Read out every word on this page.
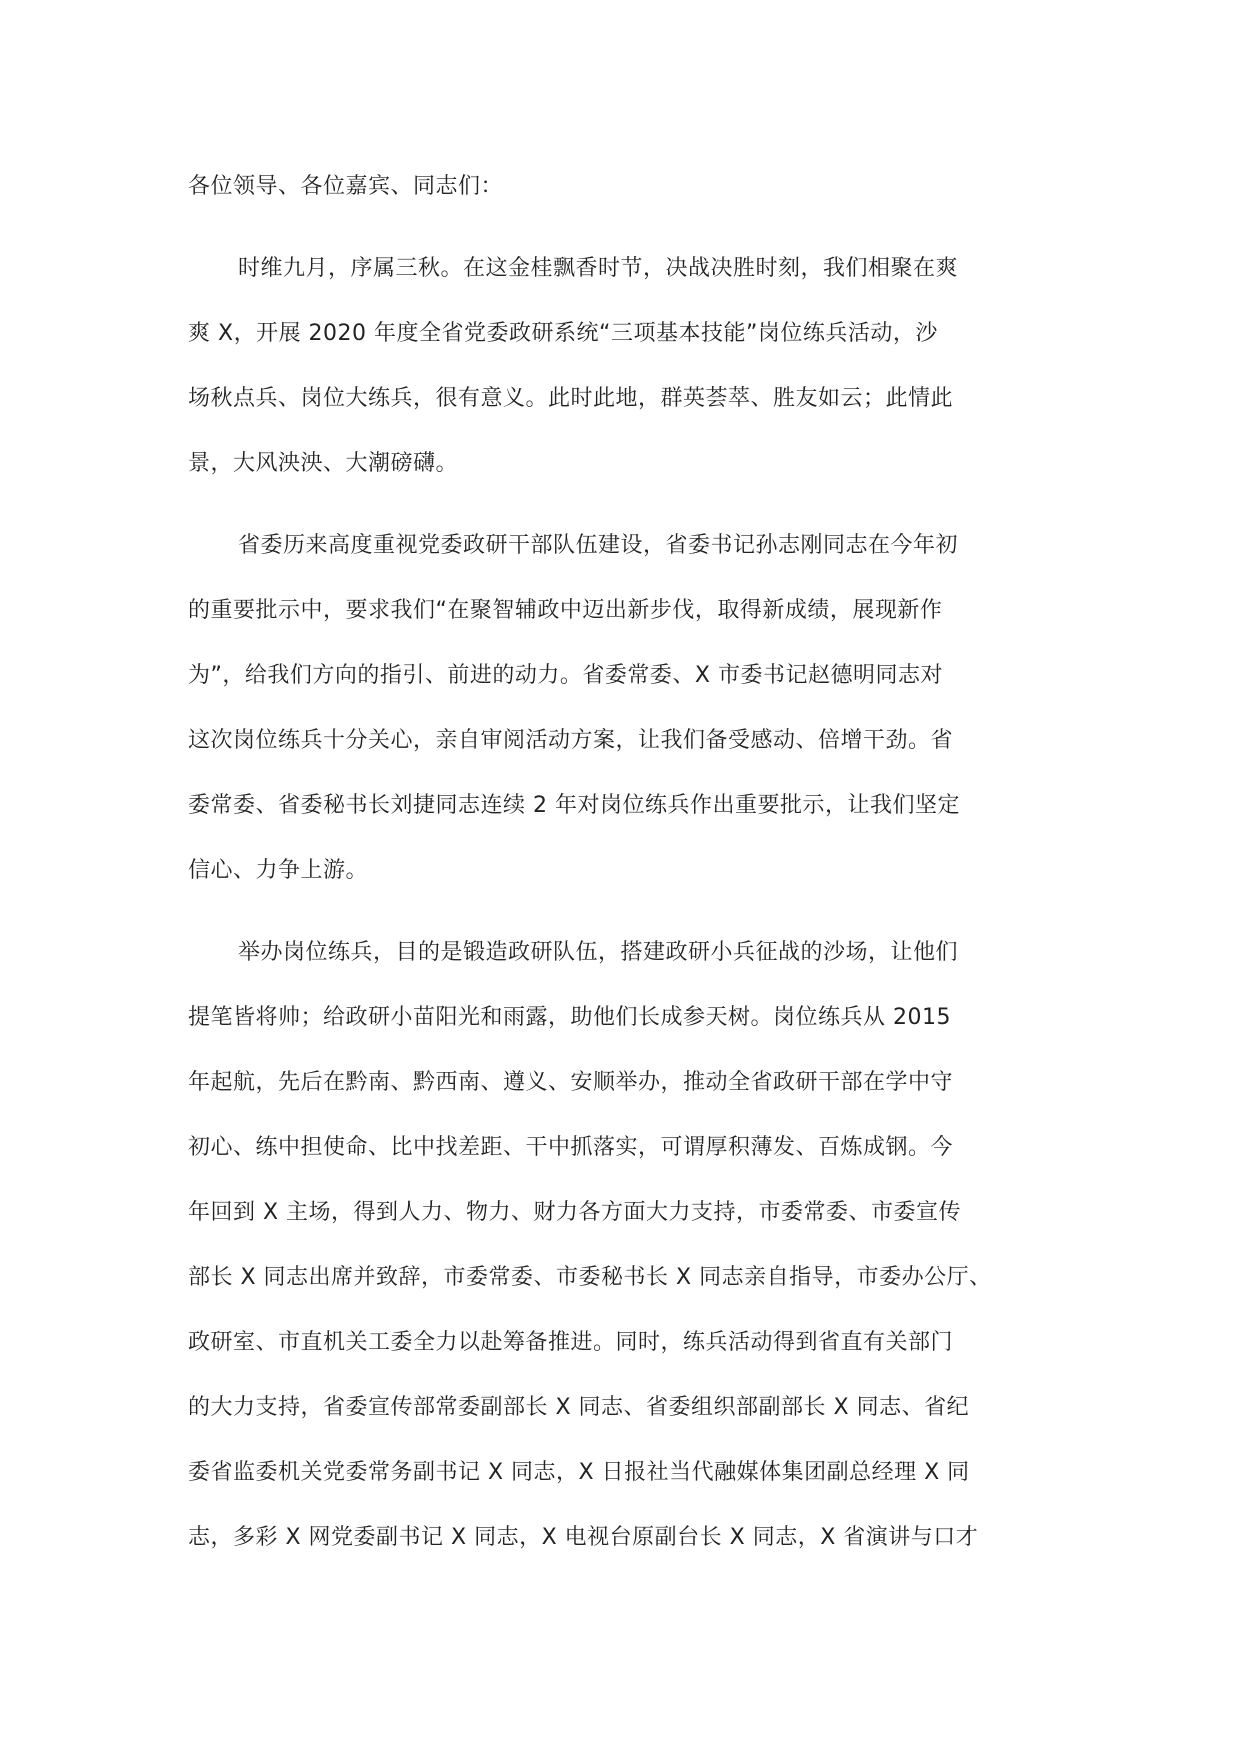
各位领导、各位嘉宾、同志们：
时维九月，序属三秋。在这金桂飘香时节，决战决胜时刻，我们相聚在爽
爽 X，开展 2020 年度全省党委政研系统“三项基本技能”岗位练兵活动，沙
场秋点兵、岗位大练兵，很有意义。此时此地，群英荟萃、胜友如云；此情此
景，大风泱泱、大潮磅礴。
省委历来高度重视党委政研干部队伍建设，省委书记孙志刚同志在今年初
的重要批示中，要求我们“在聚智辅政中迈出新步伐，取得新成绩，展现新作
为”，给我们方向的指引、前进的动力。省委常委、X 市委书记赵德明同志对
这次岗位练兵十分关心，亲自审阅活动方案，让我们备受感动、倍增干劲。省
委常委、省委秘书长刘捷同志连续 2 年对岗位练兵作出重要批示，让我们坚定
信心、力争上游。
举办岗位练兵，目的是锻造政研队伍，搭建政研小兵征战的沙场，让他们
提笔皆将帅；给政研小苗阳光和雨露，助他们长成参天树。岗位练兵从 2015
年起航，先后在黔南、黔西南、遵义、安顺举办，推动全省政研干部在学中守
初心、练中担使命、比中找差距、干中抓落实，可谓厚积薄发、百炼成钢。今
年回到 X 主场，得到人力、物力、财力各方面大力支持，市委常委、市委宣传
部长 X 同志出席并致辞，市委常委、市委秘书长 X 同志亲自指导，市委办公厅、
政研室、市直机关工委全力以赴筹备推进。同时，练兵活动得到省直有关部门
的大力支持，省委宣传部常委副部长 X 同志、省委组织部副部长 X 同志、省纪
委省监委机关党委常务副书记 X 同志，X 日报社当代融媒体集团副总经理 X 同
志，多彩 X 网党委副书记 X 同志，X 电视台原副台长 X 同志，X 省演讲与口才
